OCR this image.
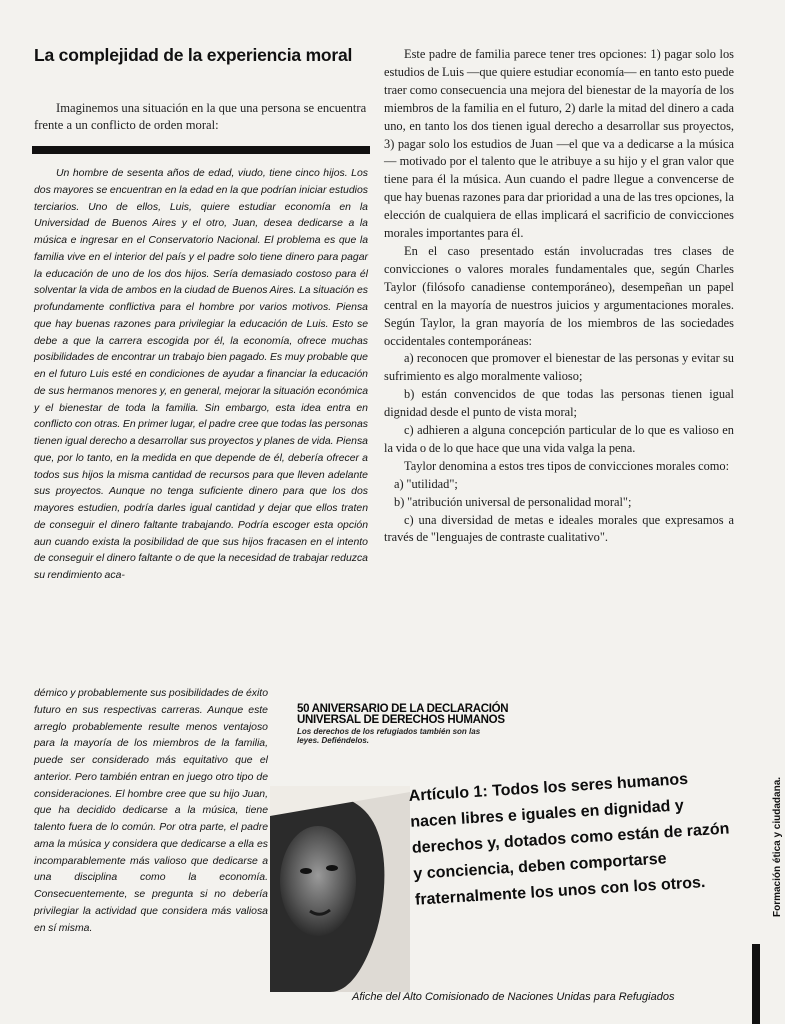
La complejidad de la experiencia moral
Imaginemos una situación en la que una persona se encuentra frente a un conflicto de orden moral:
Un hombre de sesenta años de edad, viudo, tiene cinco hijos. Los dos mayores se encuentran en la edad en la que podrían iniciar estudios terciarios. Uno de ellos, Luis, quiere estudiar economía en la Universidad de Buenos Aires y el otro, Juan, desea dedicarse a la música e ingresar en el Conservatorio Nacional. El problema es que la familia vive en el interior del país y el padre solo tiene dinero para pagar la educación de uno de los dos hijos. Sería demasiado costoso para él solventar la vida de ambos en la ciudad de Buenos Aires. La situación es profundamente conflictiva para el hombre por varios motivos. Piensa que hay buenas razones para privilegiar la educación de Luis. Esto se debe a que la carrera escogida por él, la economía, ofrece muchas posibilidades de encontrar un trabajo bien pagado. Es muy probable que en el futuro Luis esté en condiciones de ayudar a financiar la educación de sus hermanos menores y, en general, mejorar la situación económica y el bienestar de toda la familia. Sin embargo, esta idea entra en conflicto con otras. En primer lugar, el padre cree que todas las personas tienen igual derecho a desarrollar sus proyectos y planes de vida. Piensa que, por lo tanto, en la medida en que depende de él, debería ofrecer a todos sus hijos la misma cantidad de recursos para que lleven adelante sus proyectos. Aunque no tenga suficiente dinero para que los dos mayores estudien, podría darles igual cantidad y dejar que ellos traten de conseguir el dinero faltante trabajando. Podría escoger esta opción aun cuando exista la posibilidad de que sus hijos fracasen en el intento de conseguir el dinero faltante o de que la necesidad de trabajar reduzca su rendimiento aca-
démico y probablemente sus posibilidades de éxito futuro en sus respectivas carreras. Aunque este arreglo probablemente resulte menos ventajoso para la mayoría de los miembros de la familia, puede ser considerado más equitativo que el anterior. Pero también entran en juego otro tipo de consideraciones. El hombre cree que su hijo Juan, que ha decidido dedicarse a la música, tiene talento fuera de lo común. Por otra parte, el padre ama la música y considera que dedicarse a ella es incomparablemente más valioso que dedicarse a una disciplina como la economía. Consecuentemente, se pregunta si no debería privilegiar la actividad que considera más valiosa en sí misma.

Este padre de familia parece tener tres opciones: 1) pagar solo los estudios de Luis —que quiere estudiar economía— en tanto esto puede traer como consecuencia una mejora del bienestar de la mayoría de los miembros de la familia en el futuro, 2) darle la mitad del dinero a cada uno, en tanto los dos tienen igual derecho a desarrollar sus proyectos, 3) pagar solo los estudios de Juan —el que va a dedicarse a la música— motivado por el talento que le atribuye a su hijo y el gran valor que tiene para él la música. Aun cuando el padre llegue a convencerse de que hay buenas razones para dar prioridad a una de las tres opciones, la elección de cualquiera de ellas implicará el sacrificio de convicciones morales importantes para él.

En el caso presentado están involucradas tres clases de convicciones o valores morales fundamentales que, según Charles Taylor (filósofo canadiense contemporáneo), desempeñan un papel central en la mayoría de nuestros juicios y argumentaciones morales. Según Taylor, la gran mayoría de los miembros de las sociedades occidentales contemporáneas:

a) reconocen que promover el bienestar de las personas y evitar su sufrimiento es algo moralmente valioso;

b) están convencidos de que todas las personas tienen igual dignidad desde el punto de vista moral;

c) adhieren a alguna concepción particular de lo que es valioso en la vida o de lo que hace que una vida valga la pena.

Taylor denomina a estos tres tipos de convicciones morales como:

a) "utilidad";

b) "atribución universal de personalidad moral";

c) una diversidad de metas e ideales morales que expresamos a través de "lenguajes de contraste cualitativo".

50 ANIVERSARIO DE LA DECLARACIÓN UNIVERSAL DE DERECHOS HUMANOS
Los derechos de los refugiados también son las leyes. Defiéndelos.
Artículo 1: Todos los seres humanos nacen libres e iguales en dignidad y derechos y, dotados como están de razón y conciencia, deben comportarse fraternalmente los unos con los otros.
Afiche del Alto Comisionado de Naciones Unidas para Refugiados
Formación ética y ciudadana.
